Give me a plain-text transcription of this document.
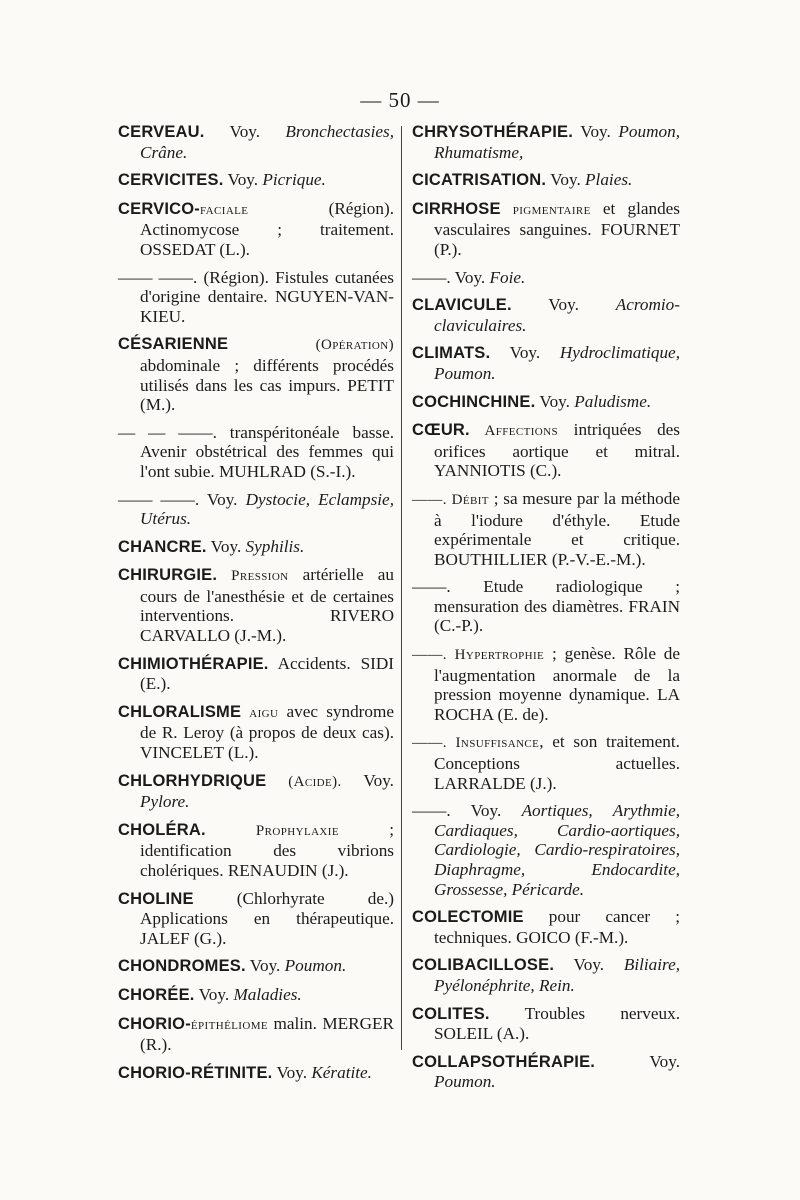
— 50 —
CERVEAU. Voy. Bronchectasies, Crâne.
CERVICITES. Voy. Picrique.
CERVICO-faciale (Région). Actinomycose ; traitement. OSSEDAT (L.).
—— ——. (Région). Fistules cutanées d'origine dentaire. NGUYEN-VAN-KIEU.
CÉSARIENNE (Opération) abdominale ; différents procédés utilisés dans les cas impurs. PETIT (M.).
— — ——. transpéritonéale basse. Avenir obstétrical des femmes qui l'ont subie. MUHLRAD (S.-I.).
—— ——. Voy. Dystocie, Eclampsie, Utérus.
CHANCRE. Voy. Syphilis.
CHIRURGIE. Pression artérielle au cours de l'anesthésie et de certaines interventions. RIVERO CARVALLO (J.-M.).
CHIMIOTHÉRAPIE. Accidents. SIDI (E.).
CHLORALISME aigu avec syndrome de R. Leroy (à propos de deux cas). VINCELET (L.).
CHLORHYDRIQUE (Acide). Voy. Pylore.
CHOLÉRA. Prophylaxie ; identification des vibrions cholériques. RENAUDIN (J.).
CHOLINE (Chlorhyrate de.) Applications en thérapeutique. JALEF (G.).
CHONDROMES. Voy. Poumon.
CHORÉE. Voy. Maladies.
CHORIO-épithéliome malin. MERGER (R.).
CHORIO-RÉTINITE. Voy. Kératite.
CHRYSOTHÉRAPIE. Voy. Poumon, Rhumatisme,
CICATRISATION. Voy. Plaies.
CIRRHOSE pigmentaire et glandes vasculaires sanguines. FOURNET (P.).
——. Voy. Foie.
CLAVICULE. Voy. Acromio-claviculaires.
CLIMATS. Voy. Hydroclimatique, Poumon.
COCHINCHINE. Voy. Paludisme.
CŒUR. Affections intriquées des orifices aortique et mitral. YANNIOTIS (C.).
——. Débit ; sa mesure par la méthode à l'iodure d'éthyle. Etude expérimentale et critique. BOUTHILLIER (P.-V.-E.-M.).
——. Etude radiologique ; mensuration des diamètres. FRAIN (C.-P.).
——. Hypertrophie ; genèse. Rôle de l'augmentation anormale de la pression moyenne dynamique. LA ROCHA (E. de).
——. Insuffisance, et son traitement. Conceptions actuelles. LARRALDE (J.).
——. Voy. Aortiques, Arythmie, Cardiaques, Cardio-aortiques, Cardiologie, Cardio-respiratoires, Diaphragme, Endocardite, Grossesse, Péricarde.
COLECTOMIE pour cancer ; techniques. GOICO (F.-M.).
COLIBACILLOSE. Voy. Biliaire, Pyélonéphrite, Rein.
COLITES. Troubles nerveux. SOLEIL (A.).
COLLAPSOTHÉRAPIE. Voy. Poumon.
